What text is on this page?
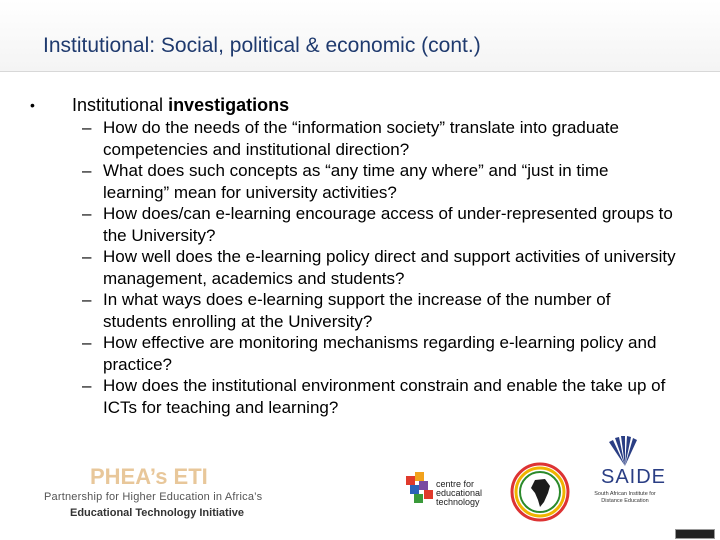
Institutional: Social, political & economic (cont.)
•	Institutional investigations
– How do the needs of the “information society” translate into graduate competencies and institutional direction?
– What does such concepts as “any time any where” and “just in time learning” mean for university activities?
– How does/can e-learning encourage access of under-represented groups to the University?
– How well does the e-learning policy direct and support activities of university management, academics and students?
– In what ways does e-learning support the increase of the number of students enrolling at the University?
– How effective are monitoring mechanisms regarding e-learning policy and practice?
– How does the institutional environment constrain and enable the take up of ICTs for teaching and learning?
PHEA’s ETI
Partnership for Higher Education in Africa’s
Educational Technology Initiative
centre for
educational
technology
SAIDE
South African Institute for Distance Education
